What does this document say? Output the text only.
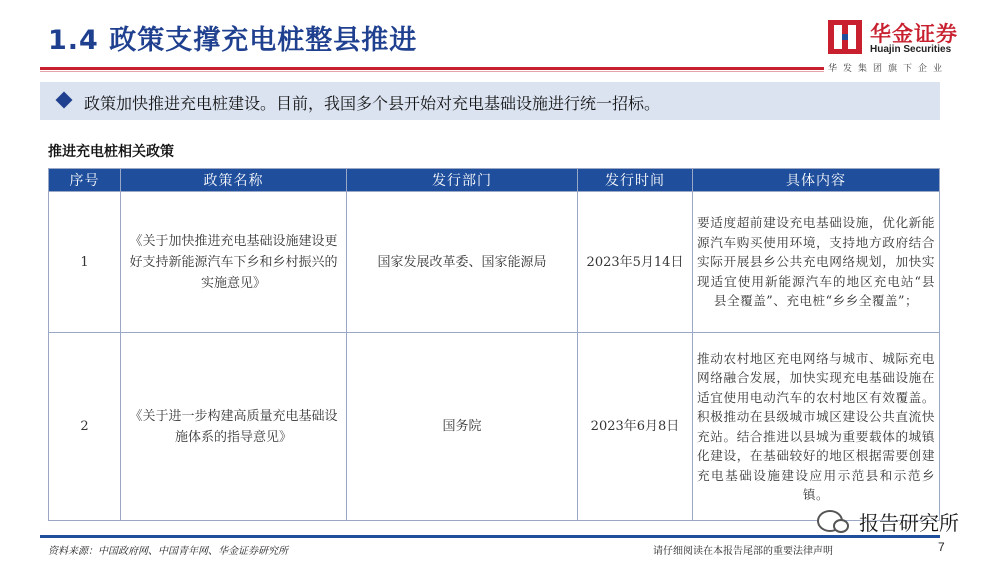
1.4 政策支撑充电桩整县推进	华金证券
Huajin Securities
华发集团旗下企业
政策加快推进充电桩建设。目前，我国多个县开始对充电基础设施进行统一招标。
推进充电桩相关政策
序号	政策名称	发行部门	发行时间	具体内容
1	《关于加快推进充电基础设施建设更好支持新能源汽车下乡和乡村振兴的实施意见》	国家发展改革委、国家能源局	2023年5月14日	要适度超前建设充电基础设施，优化新能源汽车购买使用环境，支持地方政府结合实际开展县乡公共充电网络规划，加快实现适宜使用新能源汽车的地区充电站“县县全覆盖”、充电桩“乡乡全覆盖”；
2	《关于进一步构建高质量充电基础设施体系的指导意见》	国务院	2023年6月8日	推动农村地区充电网络与城市、城际充电网络融合发展，加快实现充电基础设施在适宜使用电动汽车的农村地区有效覆盖。积极推动在县级城市城区建设公共直流快充站。结合推进以县城为重要载体的城镇化建设，在基础较好的地区根据需要创建充电基础设施建设应用示范县和示范乡镇。
报告研究所
资料来源：中国政府网、中国青年网、华金证券研究所	请仔细阅读在本报告尾部的重要法律声明	7
